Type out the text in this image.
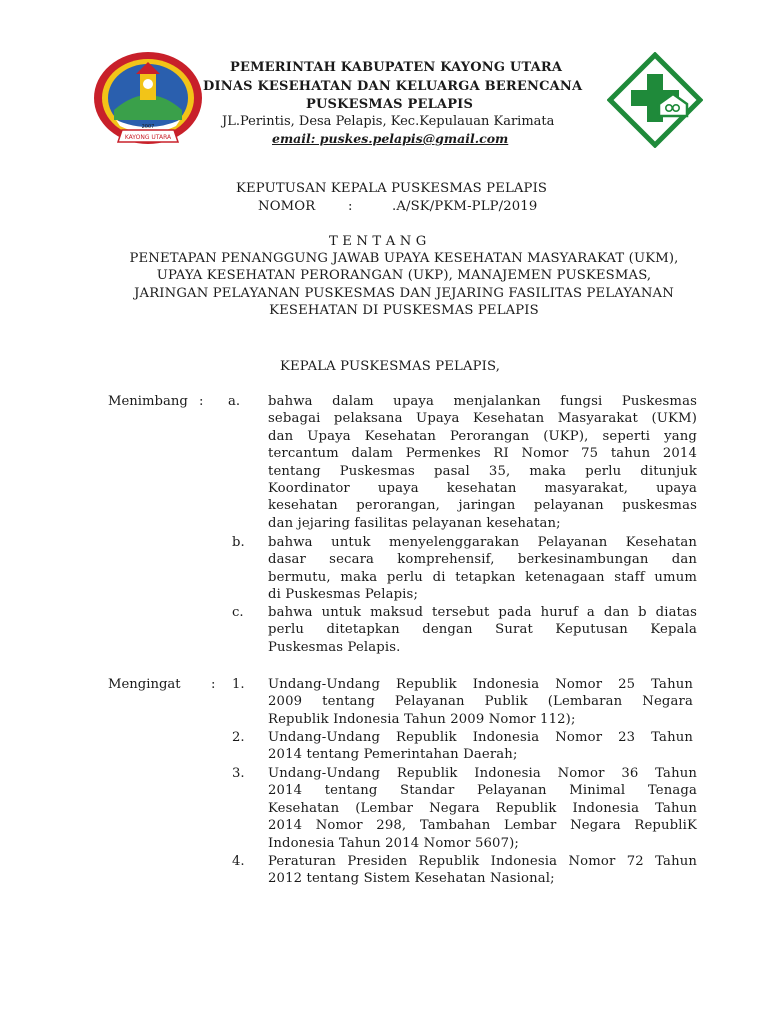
KAYONG UTARA
2007
PEMERINTAH KABUPATEN KAYONG UTARA
DINAS KESEHATAN DAN KELUARGA BERENCANA
PUSKESMAS PELAPIS
JL.Perintis, Desa Pelapis, Kec.Kepulauan Karimata
email: puskes.pelapis@gmail.com
KEPUTUSAN KEPALA PUSKESMAS PELAPIS
NOMOR :	.A/SK/PKM-PLP/2019
T E N T A N G
PENETAPAN PENANGGUNG JAWAB UPAYA KESEHATAN MASYARAKAT (UKM),
UPAYA KESEHATAN PERORANGAN (UKP), MANAJEMEN PUSKESMAS,
JARINGAN PELAYANAN PUSKESMAS DAN JEJARING FASILITAS PELAYANAN
KESEHATAN DI PUSKESMAS PELAPIS
KEPALA PUSKESMAS PELAPIS,
Menimbang : a. bahwa dalam upaya menjalankan fungsi Puskesmas
sebagai pelaksana Upaya Kesehatan Masyarakat (UKM)
dan Upaya Kesehatan Perorangan (UKP), seperti yang
tercantum dalam Permenkes RI Nomor 75 tahun 2014
tentang Puskesmas pasal 35, maka perlu ditunjuk
Koordinator upaya kesehatan masyarakat, upaya
kesehatan perorangan, jaringan pelayanan puskesmas
dan jejaring fasilitas pelayanan kesehatan;
b. bahwa untuk menyelenggarakan Pelayanan Kesehatan
dasar secara komprehensif, berkesinambungan dan
bermutu, maka perlu di tetapkan ketenagaan staff umum
di Puskesmas Pelapis;
c. bahwa untuk maksud tersebut pada huruf a dan b diatas
perlu ditetapkan dengan Surat Keputusan Kepala
Puskesmas Pelapis.
Mengingat : 1. Undang-Undang Republik Indonesia Nomor 25 Tahun
2009 tentang Pelayanan Publik (Lembaran Negara
Republik Indonesia Tahun 2009 Nomor 112);
2. Undang-Undang Republik Indonesia Nomor 23 Tahun
2014 tentang Pemerintahan Daerah;
3. Undang-Undang Republik Indonesia Nomor 36 Tahun
2014 tentang Standar Pelayanan Minimal Tenaga
Kesehatan (Lembar Negara Republik Indonesia Tahun
2014 Nomor 298, Tambahan Lembar Negara RepubliK
Indonesia Tahun 2014 Nomor 5607);
4. Peraturan Presiden Republik Indonesia Nomor 72 Tahun
2012 tentang Sistem Kesehatan Nasional;
